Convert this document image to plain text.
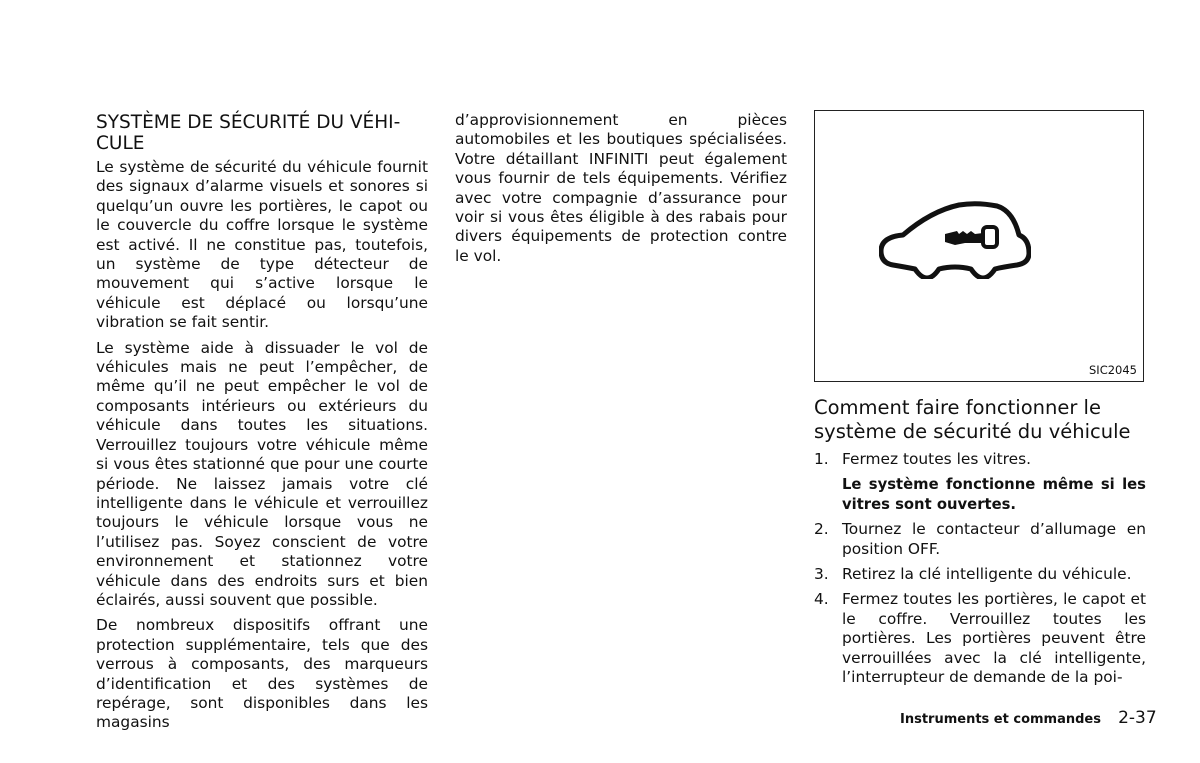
SYSTÈME DE SÉCURITÉ DU VÉHI-CULE

Le système de sécurité du véhicule fournit des signaux d’alarme visuels et sonores si quelqu’un ouvre les portières, le capot ou le couvercle du coffre lorsque le système est activé. Il ne constitue pas, toutefois, un système de type détecteur de mouvement qui s’active lorsque le véhicule est déplacé ou lorsqu’une vibration se fait sentir.

Le système aide à dissuader le vol de véhicules mais ne peut l’empêcher, de même qu’il ne peut empêcher le vol de composants intérieurs ou extérieurs du véhicule dans toutes les situations. Verrouillez toujours votre véhicule même si vous êtes stationné que pour une courte période. Ne laissez jamais votre clé intelligente dans le véhicule et verrouillez toujours le véhicule lorsque vous ne l’utilisez pas. Soyez conscient de votre environnement et stationnez votre véhicule dans des endroits surs et bien éclairés, aussi souvent que possible.

De nombreux dispositifs offrant une protection supplémentaire, tels que des verrous à composants, des marqueurs d’identification et des systèmes de repérage, sont disponibles dans les magasins

d’approvisionnement en pièces automobiles et les boutiques spécialisées. Votre détaillant INFINITI peut également vous fournir de tels équipements. Vérifiez avec votre compagnie d’assurance pour voir si vous êtes éligible à des rabais pour divers équipements de protection contre le vol.

SIC2045
Comment faire fonctionner le système de sécurité du véhicule
1. Fermez toutes les vitres.

Le système fonctionne même si les vitres sont ouvertes.

2. Tournez le contacteur d’allumage en position OFF.
3. Retirez la clé intelligente du véhicule.
4. Fermez toutes les portières, le capot et le coffre. Verrouillez toutes les portières. Les portières peuvent être verrouillées avec la clé intelligente, l’interrupteur de demande de la poi-
Instruments et commandes 2-37
